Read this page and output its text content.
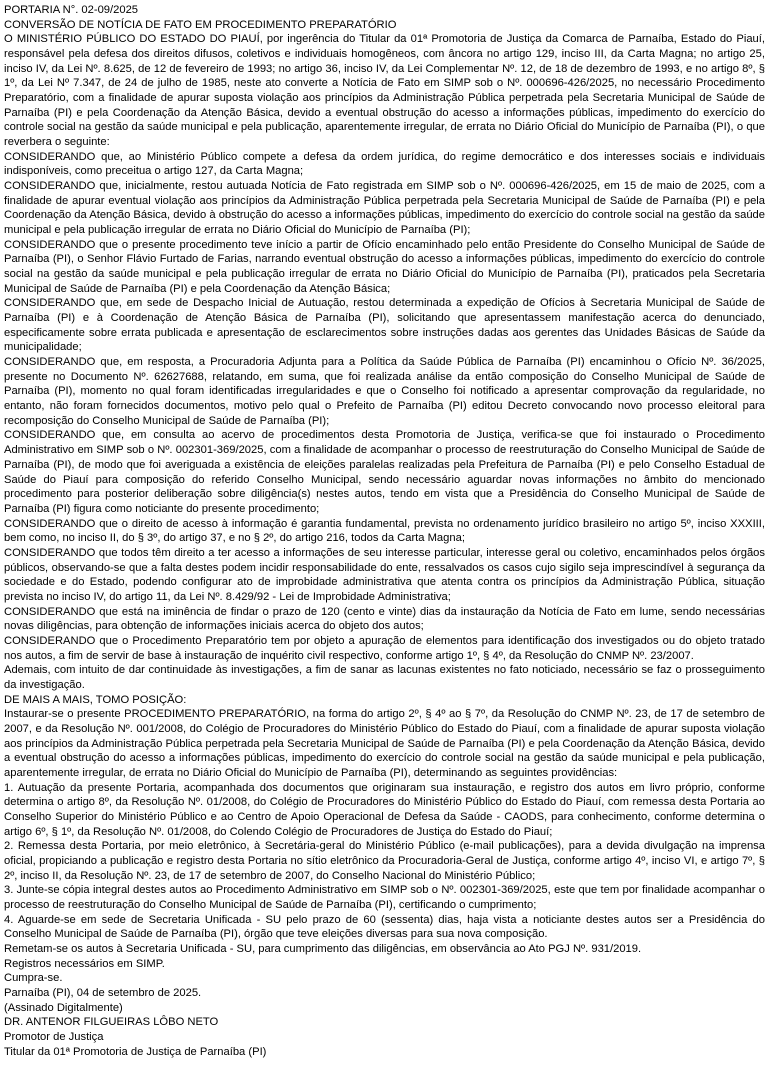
PORTARIA N°. 02-09/2025

CONVERSÃO DE NOTÍCIA DE FATO EM PROCEDIMENTO PREPARATÓRIO

O MINISTÉRIO PÚBLICO DO ESTADO DO PIAUÍ, por ingerência do Titular da 01ª Promotoria de Justiça da Comarca de Parnaíba, Estado do Piauí, responsável pela defesa dos direitos difusos, coletivos e individuais homogêneos, com âncora no artigo 129, inciso III, da Carta Magna; no artigo 25, inciso IV, da Lei Nº. 8.625, de 12 de fevereiro de 1993; no artigo 36, inciso IV, da Lei Complementar Nº. 12, de 18 de dezembro de 1993, e no artigo 8º, § 1º, da Lei Nº 7.347, de 24 de julho de 1985, neste ato converte a Notícia de Fato em SIMP sob o Nº. 000696-426/2025, no necessário Procedimento Preparatório, com a finalidade de apurar suposta violação aos princípios da Administração Pública perpetrada pela Secretaria Municipal de Saúde de Parnaíba (PI) e pela Coordenação da Atenção Básica, devido a eventual obstrução do acesso a informações públicas, impedimento do exercício do controle social na gestão da saúde municipal e pela publicação, aparentemente irregular, de errata no Diário Oficial do Município de Parnaíba (PI), o que reverbera o seguinte:

CONSIDERANDO que, ao Ministério Público compete a defesa da ordem jurídica, do regime democrático e dos interesses sociais e individuais indisponíveis, como preceitua o artigo 127, da Carta Magna;

CONSIDERANDO que, inicialmente, restou autuada Notícia de Fato registrada em SIMP sob o Nº. 000696-426/2025, em 15 de maio de 2025, com a finalidade de apurar eventual violação aos princípios da Administração Pública perpetrada pela Secretaria Municipal de Saúde de Parnaíba (PI) e pela Coordenação da Atenção Básica, devido à obstrução do acesso a informações públicas, impedimento do exercício do controle social na gestão da saúde municipal e pela publicação irregular de errata no Diário Oficial do Município de Parnaíba (PI);

CONSIDERANDO que o presente procedimento teve início a partir de Ofício encaminhado pelo então Presidente do Conselho Municipal de Saúde de Parnaíba (PI), o Senhor Flávio Furtado de Farias, narrando eventual obstrução do acesso a informações públicas, impedimento do exercício do controle social na gestão da saúde municipal e pela publicação irregular de errata no Diário Oficial do Município de Parnaíba (PI), praticados pela Secretaria Municipal de Saúde de Parnaíba (PI) e pela Coordenação da Atenção Básica;

CONSIDERANDO que, em sede de Despacho Inicial de Autuação, restou determinada a expedição de Ofícios à Secretaria Municipal de Saúde de Parnaíba (PI) e à Coordenação de Atenção Básica de Parnaíba (PI), solicitando que apresentassem manifestação acerca do denunciado, especificamente sobre errata publicada e apresentação de esclarecimentos sobre instruções dadas aos gerentes das Unidades Básicas de Saúde da municipalidade;

CONSIDERANDO que, em resposta, a Procuradoria Adjunta para a Política da Saúde Pública de Parnaíba (PI) encaminhou o Ofício Nº. 36/2025, presente no Documento Nº. 62627688, relatando, em suma, que foi realizada análise da então composição do Conselho Municipal de Saúde de Parnaíba (PI), momento no qual foram identificadas irregularidades e que o Conselho foi notificado a apresentar comprovação da regularidade, no entanto, não foram fornecidos documentos, motivo pelo qual o Prefeito de Parnaíba (PI) editou Decreto convocando novo processo eleitoral para recomposição do Conselho Municipal de Saúde de Parnaíba (PI);

CONSIDERANDO que, em consulta ao acervo de procedimentos desta Promotoria de Justiça, verifica-se que foi instaurado o Procedimento Administrativo em SIMP sob o Nº. 002301-369/2025, com a finalidade de acompanhar o processo de reestruturação do Conselho Municipal de Saúde de Parnaíba (PI), de modo que foi averiguada a existência de eleições paralelas realizadas pela Prefeitura de Parnaíba (PI) e pelo Conselho Estadual de Saúde do Piauí para composição do referido Conselho Municipal, sendo necessário aguardar novas informações no âmbito do mencionado procedimento para posterior deliberação sobre diligência(s) nestes autos, tendo em vista que a Presidência do Conselho Municipal de Saúde de Parnaíba (PI) figura como noticiante do presente procedimento;

CONSIDERANDO que o direito de acesso à informação é garantia fundamental, prevista no ordenamento jurídico brasileiro no artigo 5º, inciso XXXIII, bem como, no inciso II, do § 3º, do artigo 37, e no § 2º, do artigo 216, todos da Carta Magna;

CONSIDERANDO que todos têm direito a ter acesso a informações de seu interesse particular, interesse geral ou coletivo, encaminhados pelos órgãos públicos, observando-se que a falta destes podem incidir responsabilidade do ente, ressalvados os casos cujo sigilo seja imprescindível à segurança da sociedade e do Estado, podendo configurar ato de improbidade administrativa que atenta contra os princípios da Administração Pública, situação prevista no inciso IV, do artigo 11, da Lei Nº. 8.429/92 - Lei de Improbidade Administrativa;

CONSIDERANDO que está na iminência de findar o prazo de 120 (cento e vinte) dias da instauração da Notícia de Fato em lume, sendo necessárias novas diligências, para obtenção de informações iniciais acerca do objeto dos autos;

CONSIDERANDO que o Procedimento Preparatório tem por objeto a apuração de elementos para identificação dos investigados ou do objeto tratado nos autos, a fim de servir de base à instauração de inquérito civil respectivo, conforme artigo 1º, § 4º, da Resolução do CNMP Nº. 23/2007.

Ademais, com intuito de dar continuidade às investigações, a fim de sanar as lacunas existentes no fato noticiado, necessário se faz o prosseguimento da investigação.

DE MAIS A MAIS, TOMO POSIÇÃO:

Instaurar-se o presente PROCEDIMENTO PREPARATÓRIO, na forma do artigo 2º, § 4º ao § 7º, da Resolução do CNMP Nº. 23, de 17 de setembro de 2007, e da Resolução Nº. 001/2008, do Colégio de Procuradores do Ministério Público do Estado do Piauí, com a finalidade de apurar suposta violação aos princípios da Administração Pública perpetrada pela Secretaria Municipal de Saúde de Parnaíba (PI) e pela Coordenação da Atenção Básica, devido a eventual obstrução do acesso a informações públicas, impedimento do exercício do controle social na gestão da saúde municipal e pela publicação, aparentemente irregular, de errata no Diário Oficial do Município de Parnaíba (PI), determinando as seguintes providências:

1. Autuação da presente Portaria, acompanhada dos documentos que originaram sua instauração, e registro dos autos em livro próprio, conforme determina o artigo 8º, da Resolução Nº. 01/2008, do Colégio de Procuradores do Ministério Público do Estado do Piauí, com remessa desta Portaria ao Conselho Superior do Ministério Público e ao Centro de Apoio Operacional de Defesa da Saúde - CAODS, para conhecimento, conforme determina o artigo 6º, § 1º, da Resolução Nº. 01/2008, do Colendo Colégio de Procuradores de Justiça do Estado do Piauí;

2. Remessa desta Portaria, por meio eletrônico, à Secretária-geral do Ministério Público (e-mail publicações), para a devida divulgação na imprensa oficial, propiciando a publicação e registro desta Portaria no sítio eletrônico da Procuradoria-Geral de Justiça, conforme artigo 4º, inciso VI, e artigo 7º, § 2º, inciso II, da Resolução Nº. 23, de 17 de setembro de 2007, do Conselho Nacional do Ministério Público;

3. Junte-se cópia integral destes autos ao Procedimento Administrativo em SIMP sob o Nº. 002301-369/2025, este que tem por finalidade acompanhar o processo de reestruturação do Conselho Municipal de Saúde de Parnaíba (PI), certificando o cumprimento;

4. Aguarde-se em sede de Secretaria Unificada - SU pelo prazo de 60 (sessenta) dias, haja vista a noticiante destes autos ser a Presidência do Conselho Municipal de Saúde de Parnaíba (PI), órgão que teve eleições diversas para sua nova composição.

Remetam-se os autos à Secretaria Unificada - SU, para cumprimento das diligências, em observância ao Ato PGJ Nº. 931/2019.

Registros necessários em SIMP.

Cumpra-se.

Parnaíba (PI), 04 de setembro de 2025.

(Assinado Digitalmente)

DR. ANTENOR FILGUEIRAS LÔBO NETO

Promotor de Justiça

Titular da 01ª Promotoria de Justiça de Parnaíba (PI)
